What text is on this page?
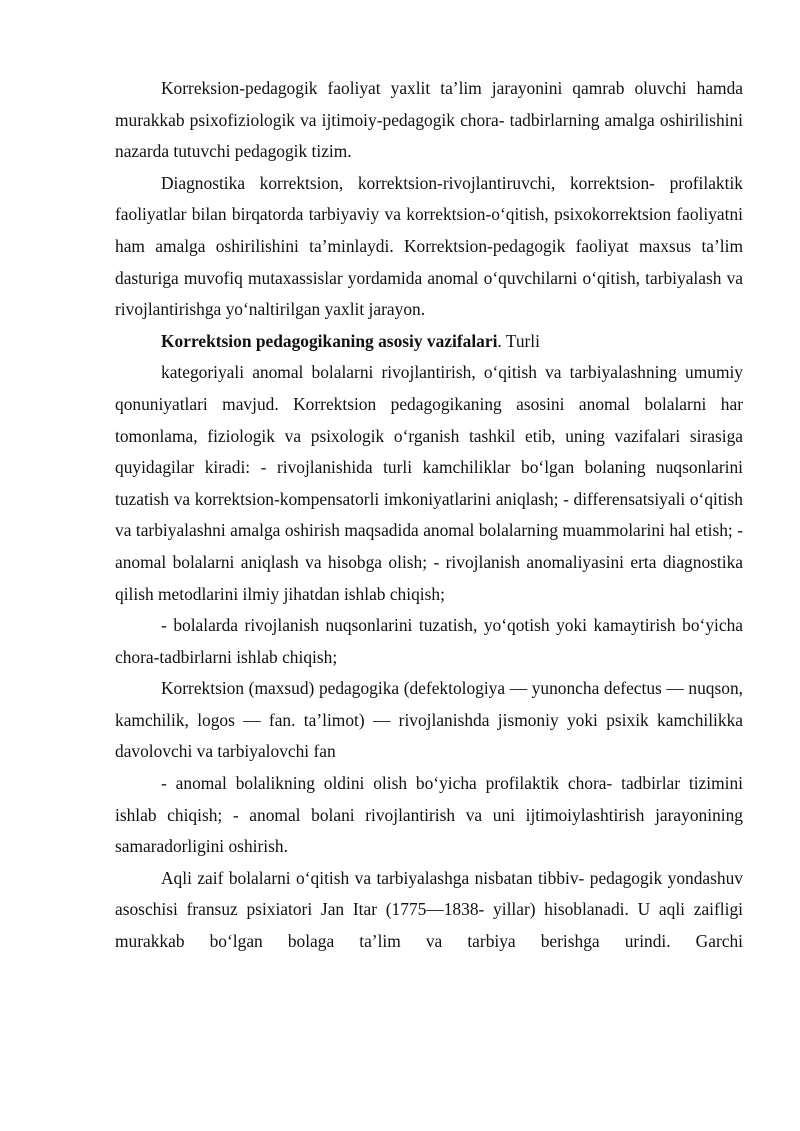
Korreksion-pedagogik faoliyat yaxlit ta’lim jarayonini qamrab oluvchi hamda murakkab psixofiziologik va ijtimoiy-pedagogik chora- tadbirlarning amalga oshirilishini nazarda tutuvchi pedagogik tizim.

Diagnostika korrektsion, korrektsion-rivojlantiruvchi, korrektsion- profilaktik faoliyatlar bilan birqatorda tarbiyaviy va korrektsion-o‘qitish, psixokorrektsion faoliyatni ham amalga oshirilishini ta’minlaydi. Korrektsion-pedagogik faoliyat maxsus ta’lim dasturiga muvofiq mutaxassislar yordamida anomal o‘quvchilarni o‘qitish, tarbiyalash va rivojlantirishga yo‘naltirilgan yaxlit jarayon.

Korrektsion pedagogikaning asosiy vazifalari. Turli

kategoriyali anomal bolalarni rivojlantirish, o‘qitish va tarbiyalashning umumiy qonuniyatlari mavjud. Korrektsion pedagogikaning asosini anomal bolalarni har tomonlama, fiziologik va psixologik o‘rganish tashkil etib, uning vazifalari sirasiga quyidagilar kiradi: - rivojlanishida turli kamchiliklar bo‘lgan bolaning nuqsonlarini tuzatish va korrektsion-kompensatorli imkoniyatlarini aniqlash; - differensatsiyali o‘qitish va tarbiyalashni amalga oshirish maqsadida anomal bolalarning muammolarini hal etish; - anomal bolalarni aniqlash va hisobga olish; - rivojlanish anomaliyasini erta diagnostika qilish metodlarini ilmiy jihatdan ishlab chiqish;

- bolalarda rivojlanish nuqsonlarini tuzatish, yo‘qotish yoki kamaytirish bo‘yicha chora-tadbirlarni ishlab chiqish;

Korrektsion (maxsud) pedagogika (defektologiya — yunoncha defectus — nuqson, kamchilik, logos — fan. ta’limot) — rivojlanishda jismoniy yoki psixik kamchilikka davolovchi va tarbiyalovchi fan

- anomal bolalikning oldini olish bo‘yicha profilaktik chora- tadbirlar tizimini ishlab chiqish; - anomal bolani rivojlantirish va uni ijtimoiylashtirish jarayonining samaradorligini oshirish.

Aqli zaif bolalarni o‘qitish va tarbiyalashga nisbatan tibbiv- pedagogik yondashuv asoschisi fransuz psixiatori Jan Itar (1775—1838- yillar) hisoblanadi. U aqli zaifligi murakkab bo‘lgan bolaga ta’lim va tarbiya berishga urindi. Garchi
